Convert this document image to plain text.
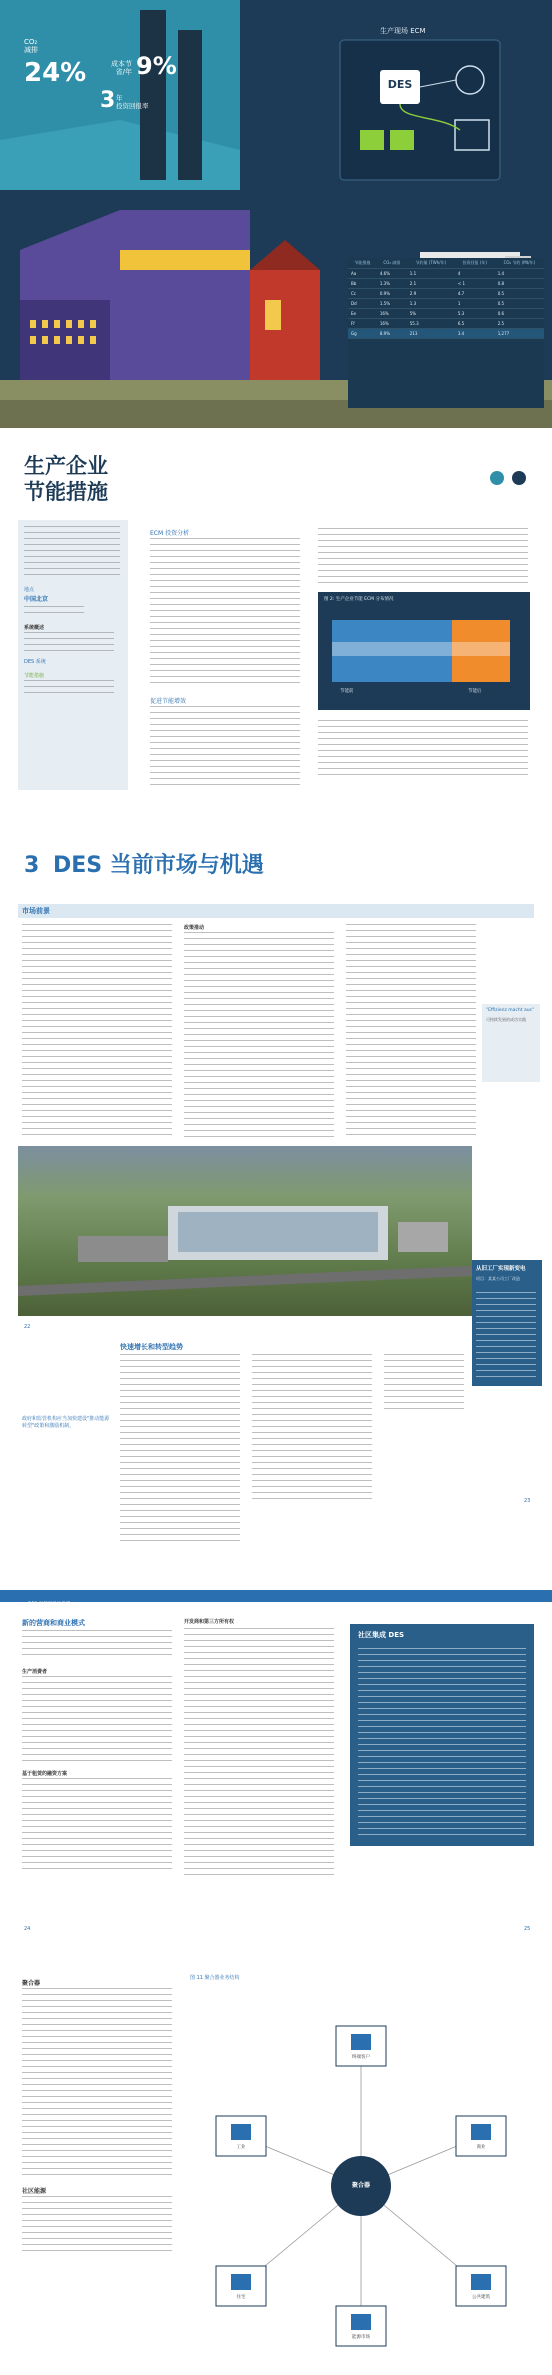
CO₂
减排
24%	成本节
省/年 9%
3 年
投资回报率
生产现场 ECM
DES
节能措施	CO₂ 减排	节约量 (TWh/年)	投资回报 (年)	CO₂ 节约 (Mt/年)
Aa	4.6%	1.1	4	1.4
Bb	1.3%	2.1	< 1	0.8
Cc	0.9%	2.9	4.7	0.5
Dd	1.5%	1.3	1	0.5
Ee	16%	5%	5.3	0.6
Ff	16%	55.3	6.5	2.5
Gg	8.9%	213	3.4	1,277
生产企业
节能措施

地点
中国北京
系统概述
DES 系统
节能措施
ECM 投资分析
促进节能增效
图 2: 生产企业节能 ECM 分布情况
节能前	节能后
3 DES 当前市场与机遇
市场前景
政策推动
"Effizienz macht aus"
可持续发展的成功实践
从旧工厂实现新变电
项目：某某公司工厂改造
22
23
快速增长和转型趋势
政府和监管机构应当加快建设"推动能源转型"政策和激励机制。
DES 当前市场与机遇
新的营商和商业模式
生产消费者
基于租赁的融资方案
开发商和第三方所有权
社区集成 DES
24	25
聚合器
社区能源
图 11 聚合器业务结构
聚合器
终端客户
工业	商业
住宅	公共建筑
能源市场
